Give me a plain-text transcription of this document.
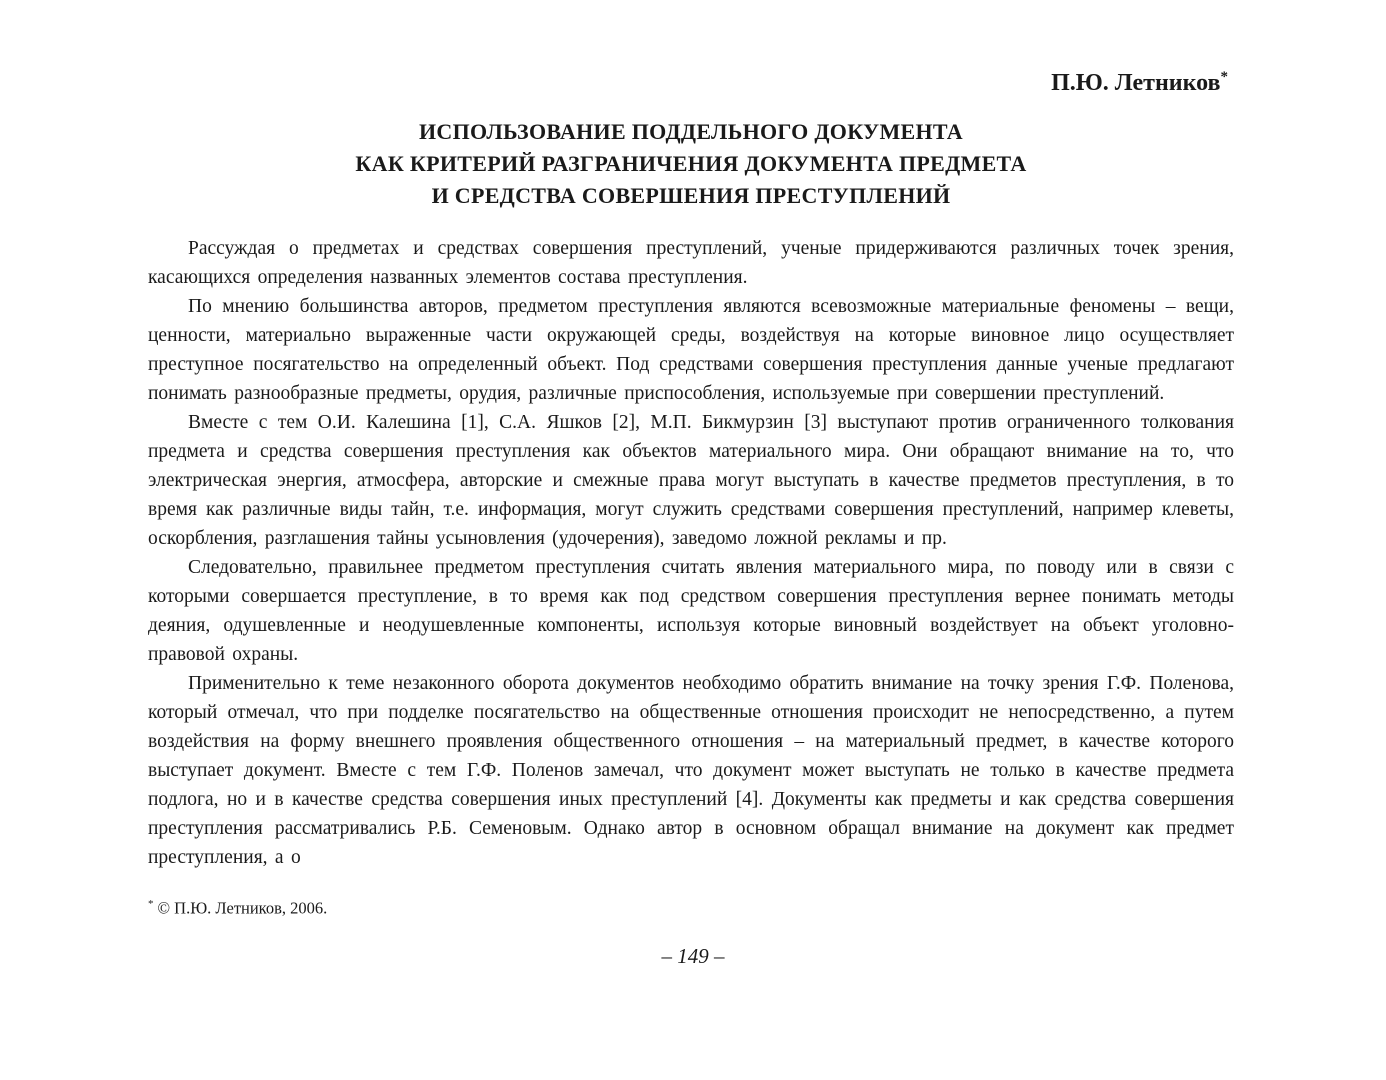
П.Ю. Летников*
ИСПОЛЬЗОВАНИЕ ПОДДЕЛЬНОГО ДОКУМЕНТА
КАК КРИТЕРИЙ РАЗГРАНИЧЕНИЯ ДОКУМЕНТА ПРЕДМЕТА
И СРЕДСТВА СОВЕРШЕНИЯ ПРЕСТУПЛЕНИЙ

Рассуждая о предметах и средствах совершения преступлений, ученые придерживаются различных точек зрения, касающихся определения названных элементов состава преступления.

По мнению большинства авторов, предметом преступления являются всевозможные материальные феномены – вещи, ценности, материально выраженные части окружающей среды, воздействуя на которые виновное лицо осуществляет преступное посягательство на определенный объект. Под средствами совершения преступления данные ученые предлагают понимать разнообразные предметы, орудия, различные приспособления, используемые при совершении преступлений.

Вместе с тем О.И. Калешина [1], С.А. Яшков [2], М.П. Бикмурзин [3] выступают против ограниченного толкования предмета и средства совершения преступления как объектов материального мира. Они обращают внимание на то, что электрическая энергия, атмосфера, авторские и смежные права могут выступать в качестве предметов преступления, в то время как различные виды тайн, т.е. информация, могут служить средствами совершения преступлений, например клеветы, оскорбления, разглашения тайны усыновления (удочерения), заведомо ложной рекламы и пр.

Следовательно, правильнее предметом преступления считать явления материального мира, по поводу или в связи с которыми совершается преступление, в то время как под средством совершения преступления вернее понимать методы деяния, одушевленные и неодушевленные компоненты, используя которые виновный воздействует на объект уголовно-правовой охраны.

Применительно к теме незаконного оборота документов необходимо обратить внимание на точку зрения Г.Ф. Поленова, который отмечал, что при подделке посягательство на общественные отношения происходит не непосредственно, а путем воздействия на форму внешнего проявления общественного отношения – на материальный предмет, в качестве которого выступает документ. Вместе с тем Г.Ф. Поленов замечал, что документ может выступать не только в качестве предмета подлога, но и в качестве средства совершения иных преступлений [4]. Документы как предметы и как средства совершения преступления рассматривались Р.Б. Семеновым. Однако автор в основном обращал внимание на документ как предмет преступления, а о

* © П.Ю. Летников, 2006.
– 149 –
